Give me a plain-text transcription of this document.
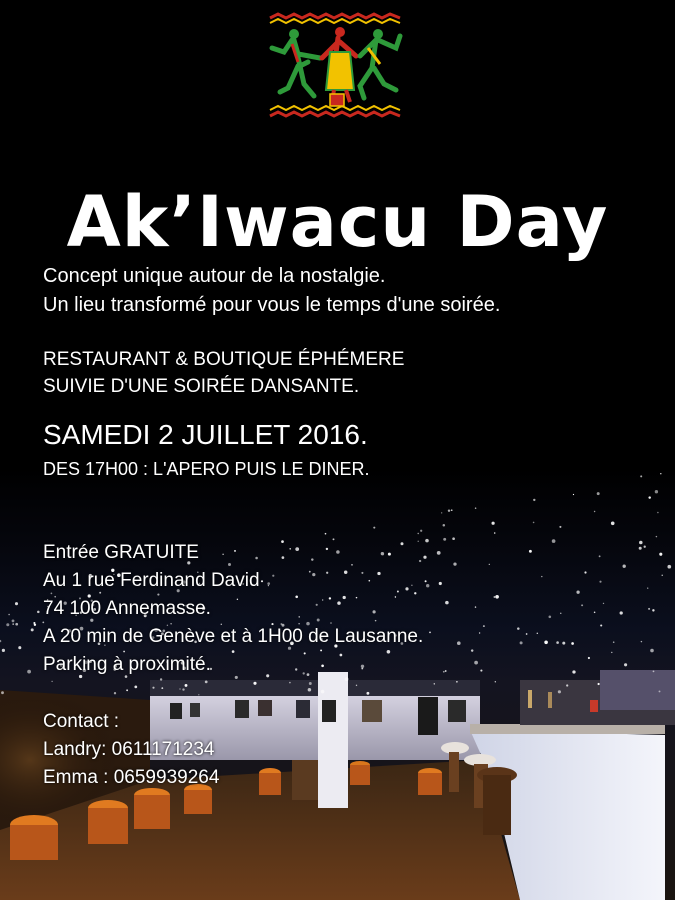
Ak’Iwacu Day
Concept unique autour de la nostalgie.
Un lieu transformé pour vous le temps d'une soirée.
RESTAURANT & BOUTIQUE ÉPHÉMERE
SUIVIE D'UNE SOIRÉE DANSANTE.
SAMEDI 2 JUILLET 2016.
DES 17H00 : L'APERO PUIS LE DINER.
Entrée GRATUITE
Au 1 rue Ferdinand David
74 100 Annemasse.
A 20 min de Genève et à 1H00 de Lausanne.
Parking à proximité.
Contact :
Landry: 0611171234
Emma : 0659939264
